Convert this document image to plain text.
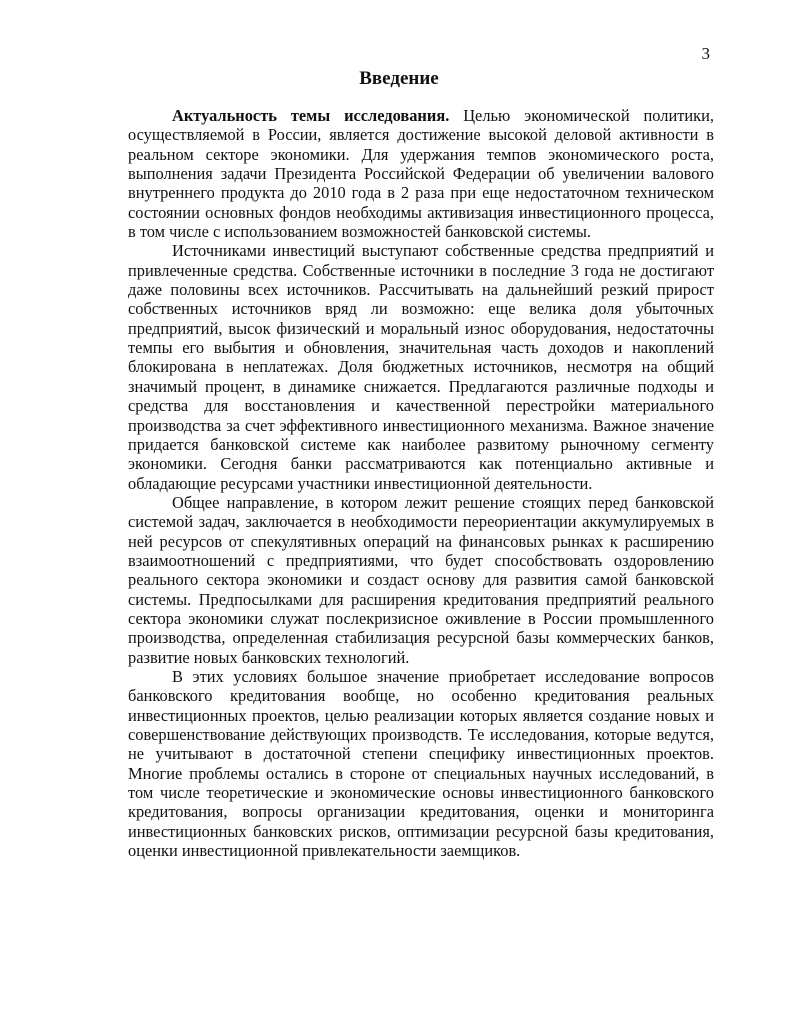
3
Введение

Актуальность темы исследования. Целью экономической политики, осуществляемой в России, является достижение высокой деловой активности в реальном секторе экономики. Для удержания темпов экономического роста, выполнения задачи Президента Российской Федерации об увеличении валового внутреннего продукта до 2010 года в 2 раза при еще недостаточном техническом состоянии основных фондов необходимы активизация инвестиционного процесса, в том числе с использованием возможностей банковской системы.

Источниками инвестиций выступают собственные средства предприятий и привлеченные средства. Собственные источники в последние 3 года не достигают даже половины всех источников. Рассчитывать на дальнейший резкий прирост собственных источников вряд ли возможно: еще велика доля убыточных предприятий, высок физический и моральный износ оборудования, недостаточны темпы его выбытия и обновления, значительная часть доходов и накоплений блокирована в неплатежах. Доля бюджетных источников, несмотря на общий значимый процент, в динамике снижается. Предлагаются различные подходы и средства для восстановления и качественной перестройки материального производства за счет эффективного инвестиционного механизма. Важное значение придается банковской системе как наиболее развитому рыночному сегменту экономики. Сегодня банки рассматриваются как потенциально активные и обладающие ресурсами участники инвестиционной деятельности.

Общее направление, в котором лежит решение стоящих перед банковской системой задач, заключается в необходимости переориентации аккумулируемых в ней ресурсов от спекулятивных операций на финансовых рынках к расширению взаимоотношений с предприятиями, что будет способствовать оздоровлению реального сектора экономики и создаст основу для развития самой банковской системы. Предпосылками для расширения кредитования предприятий реального сектора экономики служат послекризисное оживление в России промышленного производства, определенная стабилизация ресурсной базы коммерческих банков, развитие новых банковских технологий.

В этих условиях большое значение приобретает исследование вопросов банковского кредитования вообще, но особенно кредитования реальных инвестиционных проектов, целью реализации которых является создание новых и совершенствование действующих производств. Те исследования, которые ведутся, не учитывают в достаточной степени специфику инвестиционных проектов. Многие проблемы остались в стороне от специальных научных исследований, в том числе теоретические и экономические основы инвестиционного банковского кредитования, вопросы организации кредитования, оценки и мониторинга инвестиционных банковских рисков, оптимизации ресурсной базы кредитования, оценки инвестиционной привлекательности заемщиков.
